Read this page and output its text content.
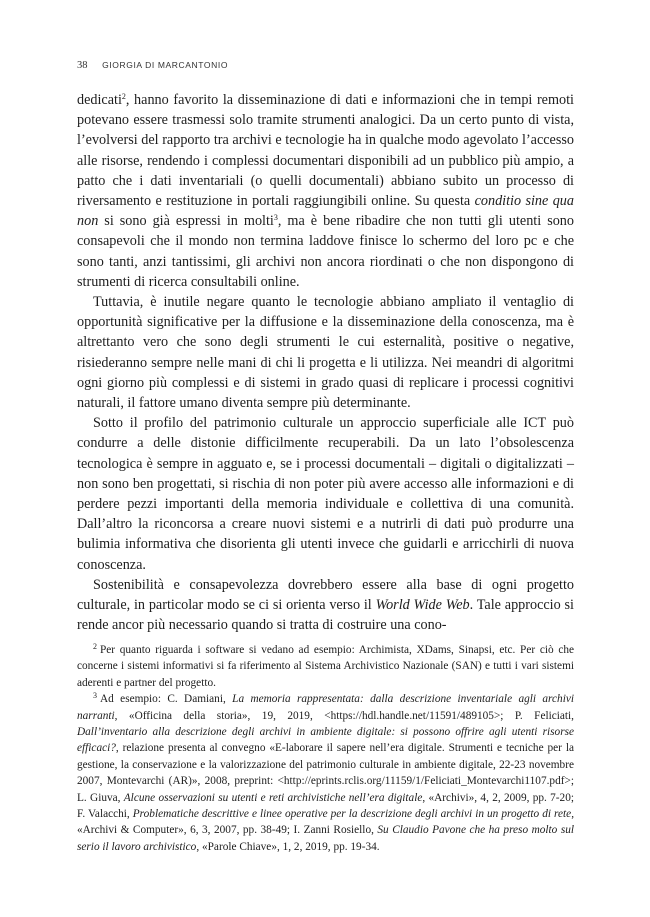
38 GIORGIA DI MARCANTONIO

dedicati$^2$, hanno favorito la disseminazione di dati e informazioni che in tempi remoti potevano essere trasmessi solo tramite strumenti analogici. Da un certo punto di vista, l’evolversi del rapporto tra archivi e tecnologie ha in qualche modo agevolato l’accesso alle risorse, rendendo i complessi documentari disponibili ad un pubblico più ampio, a patto che i dati inventariali (o quelli documentali) abbiano subito un processo di riversamento e restituzione in portali raggiungibili online. Su questa conditio sine qua non si sono già espressi in molti$^3$, ma è bene ribadire che non tutti gli utenti sono consapevoli che il mondo non termina laddove finisce lo schermo del loro pc e che sono tanti, anzi tantissimi, gli archivi non ancora riordinati o che non dispongono di strumenti di ricerca consultabili online.

Tuttavia, è inutile negare quanto le tecnologie abbiano ampliato il ventaglio di opportunità significative per la diffusione e la disseminazione della conoscenza, ma è altrettanto vero che sono degli strumenti le cui esternalità, positive o negative, risiederanno sempre nelle mani di chi li progetta e li utilizza. Nei meandri di algoritmi ogni giorno più complessi e di sistemi in grado quasi di replicare i processi cognitivi naturali, il fattore umano diventa sempre più determinante.

Sotto il profilo del patrimonio culturale un approccio superficiale alle ICT può condurre a delle distonie difficilmente recuperabili. Da un lato l’obsolescenza tecnologica è sempre in agguato e, se i processi documentali – digitali o digitalizzati – non sono ben progettati, si rischia di non poter più avere accesso alle informazioni e di perdere pezzi importanti della memoria individuale e collettiva di una comunità. Dall’altro la riconcorsa a creare nuovi sistemi e a nutrirli di dati può produrre una bulimia informativa che disorienta gli utenti invece che guidarli e arricchirli di nuova conoscenza.

Sostenibilità e consapevolezza dovrebbero essere alla base di ogni progetto culturale, in particolar modo se ci si orienta verso il World Wide Web. Tale approccio si rende ancor più necessario quando si tratta di costruire una cono-

$^2$ Per quanto riguarda i software si vedano ad esempio: Archimista, XDams, Sinapsi, etc. Per ciò che concerne i sistemi informativi si fa riferimento al Sistema Archivistico Nazionale (SAN) e tutti i vari sistemi aderenti e partner del progetto.

$^3$ Ad esempio: C. Damiani, La memoria rappresentata: dalla descrizione inventariale agli archivi narranti, «Officina della storia», 19, 2019, <https://hdl.handle.net/11591/489105>; P. Feliciati, Dall’inventario alla descrizione degli archivi in ambiente digitale: si possono offrire agli utenti risorse efficaci?, relazione presenta al convegno «E-laborare il sapere nell’era digitale. Strumenti e tecniche per la gestione, la conservazione e la valorizzazione del patrimonio culturale in ambiente digitale, 22-23 novembre 2007, Montevarchi (AR)», 2008, preprint: <http://eprints.rclis.org/11159/1/Feliciati_Montevarchi1107.pdf>; L. Giuva, Alcune osservazioni su utenti e reti archivistiche nell’era digitale, «Archivi», 4, 2, 2009, pp. 7-20; F. Valacchi, Problematiche descrittive e linee operative per la descrizione degli archivi in un progetto di rete, «Archivi & Computer», 6, 3, 2007, pp. 38-49; I. Zanni Rosiello, Su Claudio Pavone che ha preso molto sul serio il lavoro archivistico, «Parole Chiave», 1, 2, 2019, pp. 19-34.
